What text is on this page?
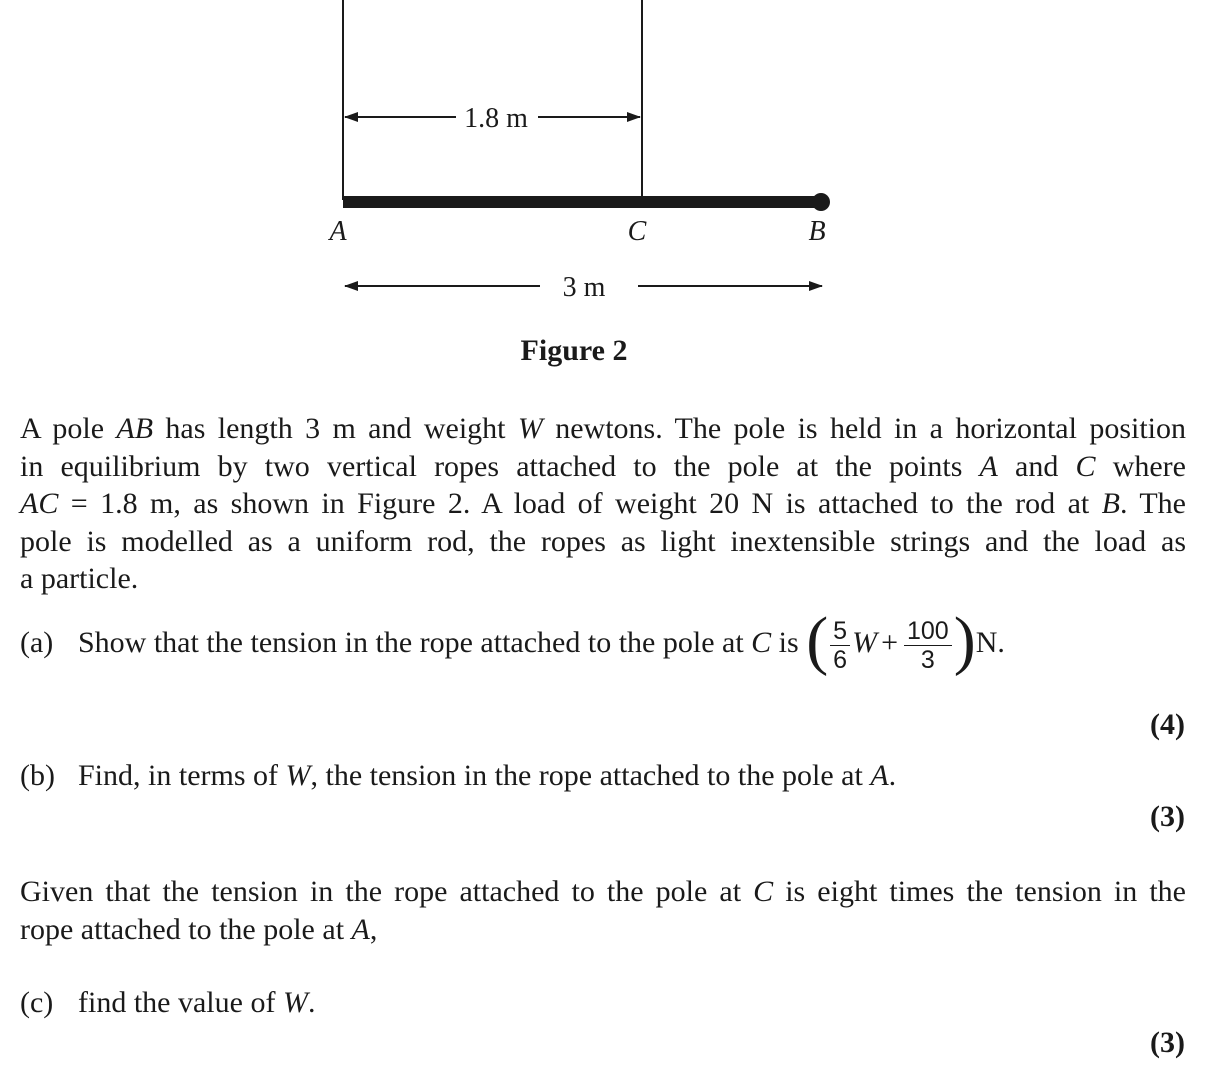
1.8 m
A	C	B
3 m
Figure 2
A pole AB has length 3 m and weight W newtons. The pole is held in a horizontal position
in equilibrium by two vertical ropes attached to the pole at the points A and C where
AC = 1.8 m, as shown in Figure 2. A load of weight 20 N is attached to the rod at B. The
pole is modelled as a uniform rod, the ropes as light inextensible strings and the load as
a particle.
(a) Show that the tension in the rope attached to the pole at C is ( $\frac{5}{6}$ $W + \frac{100}{3} )N$.
(4)
(b) Find, in terms of W, the tension in the rope attached to the pole at A.
(3)
Given that the tension in the rope attached to the pole at C is eight times the tension in the
rope attached to the pole at A,
(c) find the value of W.
(3)
